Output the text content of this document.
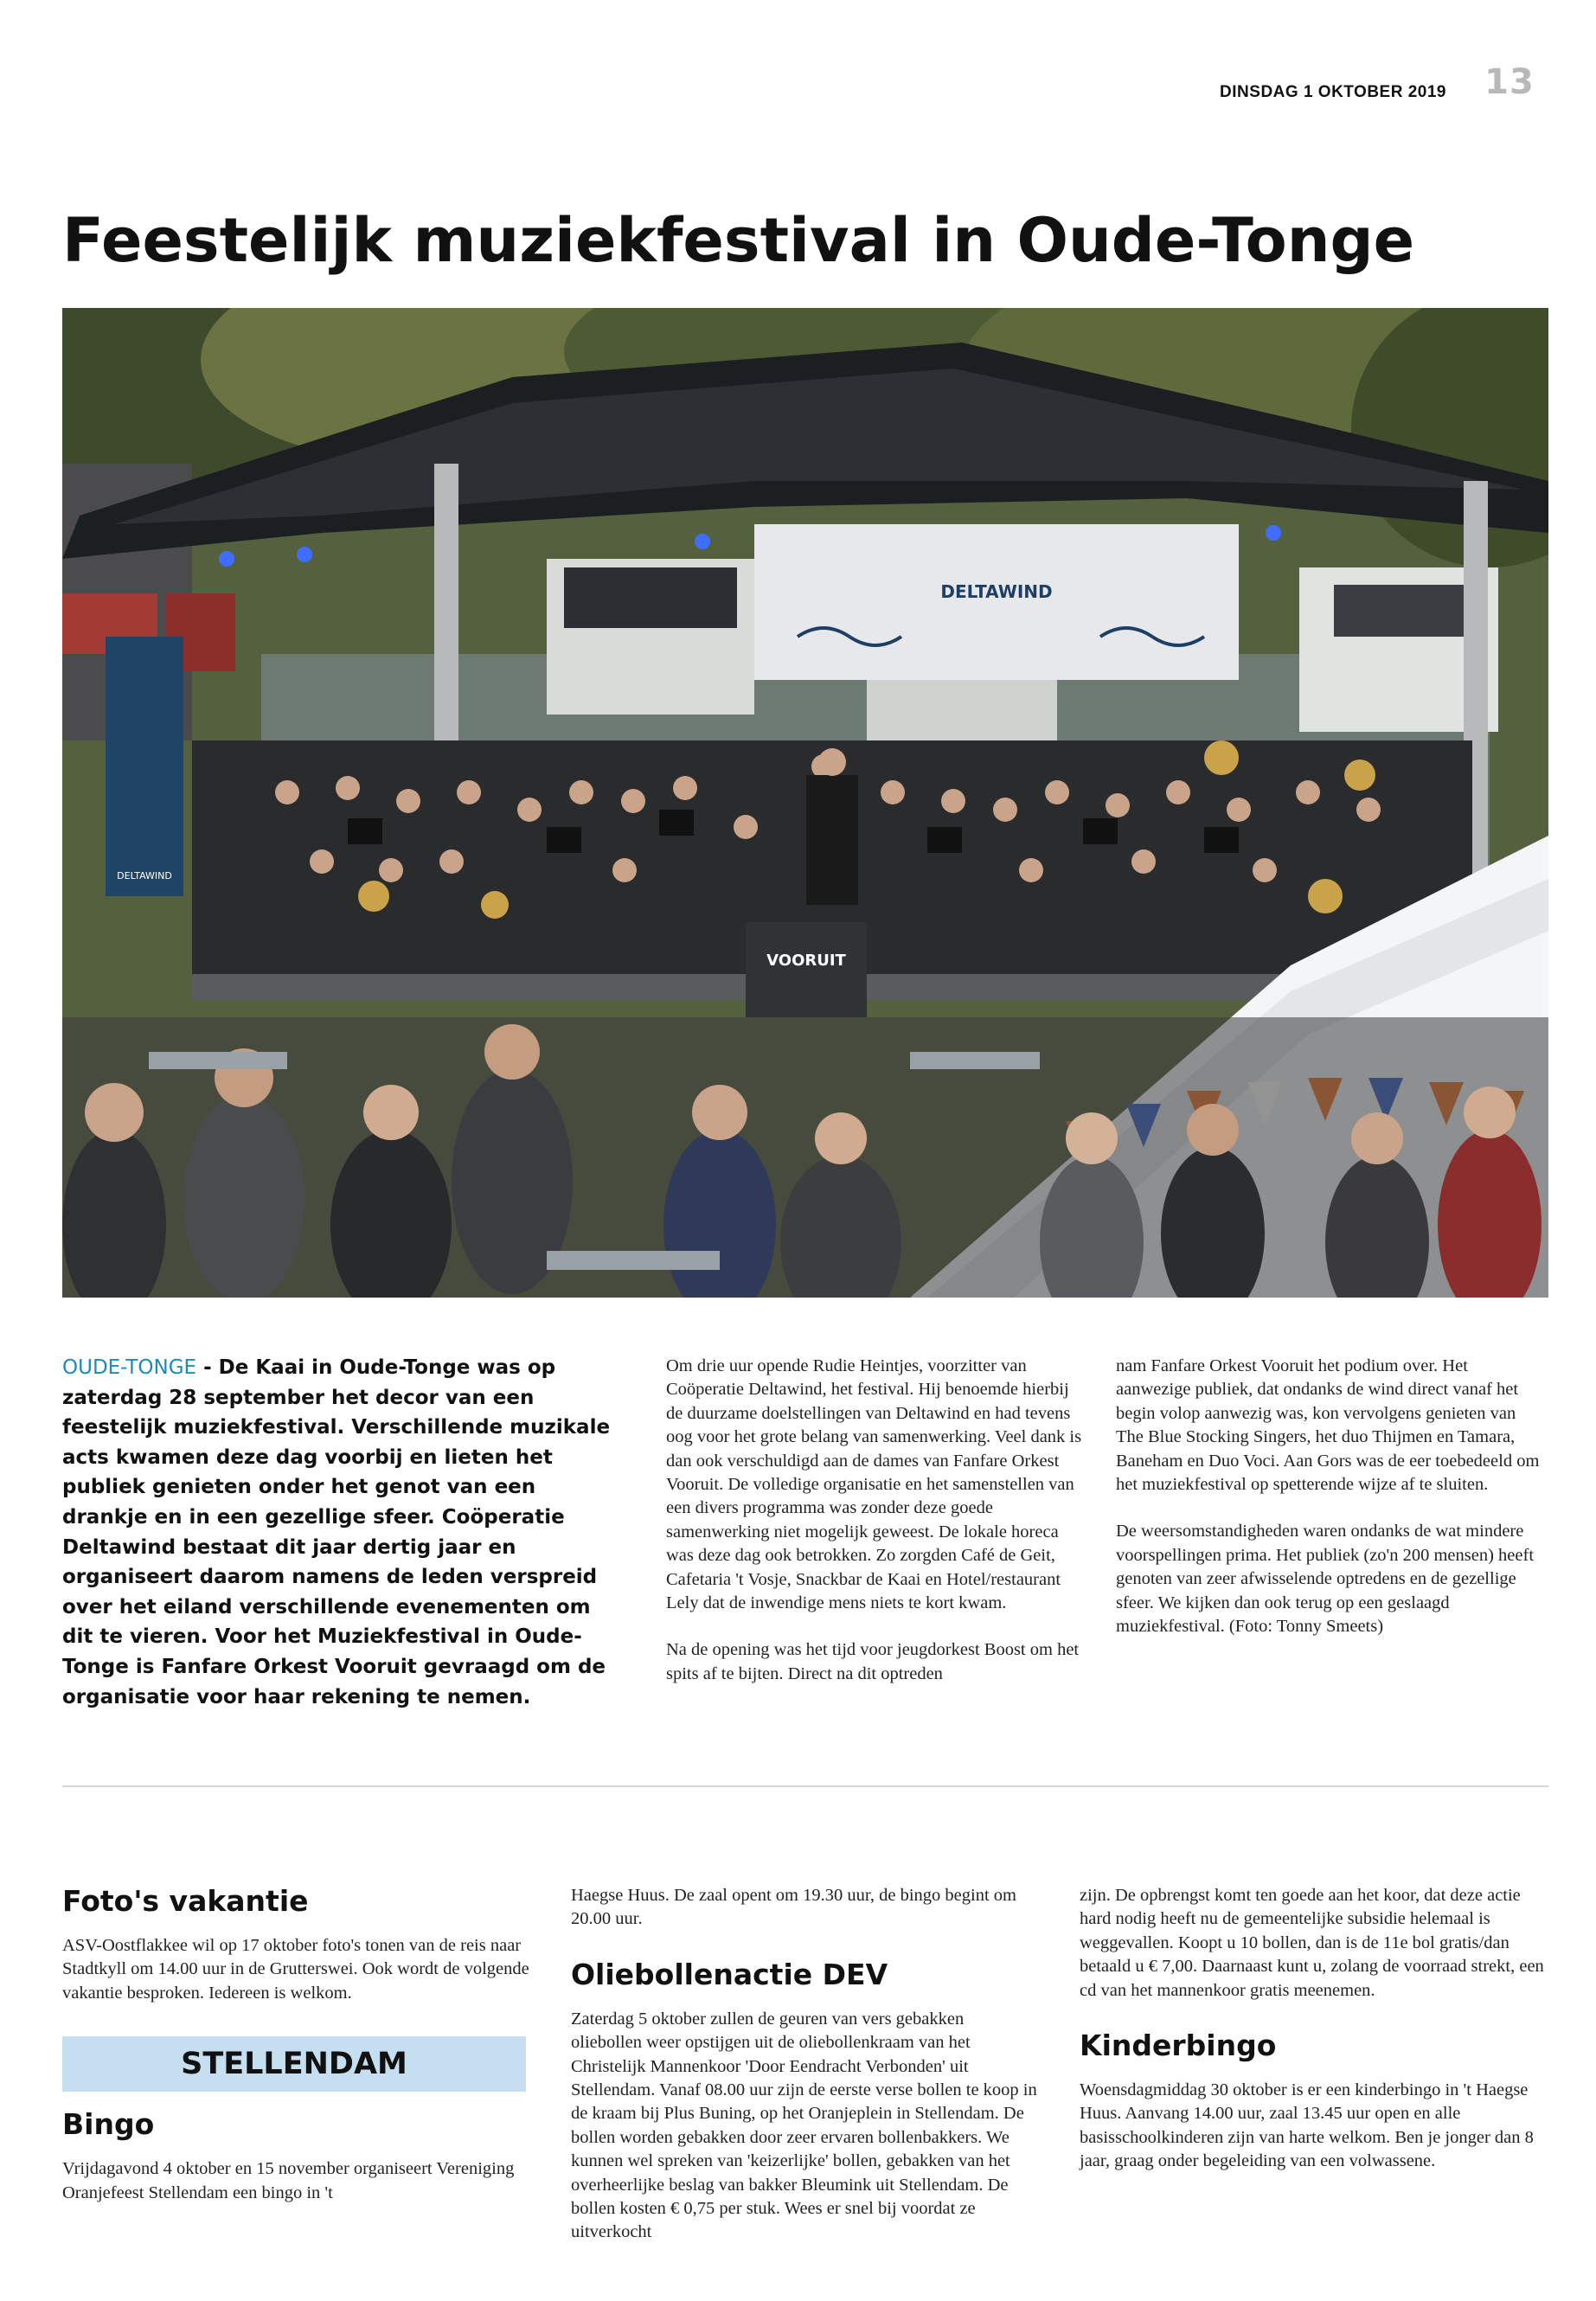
DINSDAG 1 OKTOBER 2019	13
Feestelijk muziekfestival in Oude-Tonge
DELTAWIND
DELTAWIND
VOORUIT
OUDE-TONGE - De Kaai in Oude-Tonge was op zaterdag 28 september het decor van een feestelijk muziekfestival. Verschillende muzikale acts kwamen deze dag voorbij en lieten het publiek genieten onder het genot van een drankje en in een gezellige sfeer. Coöperatie Deltawind bestaat dit jaar dertig jaar en organiseert daarom namens de leden verspreid over het eiland verschillende evenementen om dit te vieren. Voor het Muziekfestival in Oude-Tonge is Fanfare Orkest Vooruit gevraagd om de organisatie voor haar rekening te nemen.

Om drie uur opende Rudie Heintjes, voorzitter van Coöperatie Deltawind, het festival. Hij benoemde hierbij de duurzame doelstellingen van Deltawind en had tevens oog voor het grote belang van samenwerking. Veel dank is dan ook verschuldigd aan de dames van Fanfare Orkest Vooruit. De volledige organisatie en het samenstellen van een divers programma was zonder deze goede samenwerking niet mogelijk geweest. De lokale horeca was deze dag ook betrokken. Zo zorgden Café de Geit, Cafetaria 't Vosje, Snackbar de Kaai en Hotel/restaurant Lely dat de inwendige mens niets te kort kwam.

Na de opening was het tijd voor jeugdorkest Boost om het spits af te bijten. Direct na dit optreden

nam Fanfare Orkest Vooruit het podium over. Het aanwezige publiek, dat ondanks de wind direct vanaf het begin volop aanwezig was, kon vervolgens genieten van The Blue Stocking Singers, het duo Thijmen en Tamara, Baneham en Duo Voci. Aan Gors was de eer toebedeeld om het muziekfestival op spetterende wijze af te sluiten.

De weersomstandigheden waren ondanks de wat mindere voorspellingen prima. Het publiek (zo'n 200 mensen) heeft genoten van zeer afwisselende optredens en de gezellige sfeer. We kijken dan ook terug op een geslaagd muziekfestival. (Foto: Tonny Smeets)

Foto's vakantie

ASV-Oostflakkee wil op 17 oktober foto's tonen van de reis naar Stadtkyll om 14.00 uur in de Grutterswei. Ook wordt de volgende vakantie besproken. Iedereen is welkom.

STELLENDAM
Bingo

Vrijdagavond 4 oktober en 15 november organiseert Vereniging Oranjefeest Stellendam een bingo in 't

Haegse Huus. De zaal opent om 19.30 uur, de bingo begint om 20.00 uur.

Oliebollenactie DEV

Zaterdag 5 oktober zullen de geuren van vers gebakken oliebollen weer opstijgen uit de oliebollenkraam van het Christelijk Mannenkoor 'Door Eendracht Verbonden' uit Stellendam. Vanaf 08.00 uur zijn de eerste verse bollen te koop in de kraam bij Plus Buning, op het Oranjeplein in Stellendam. De bollen worden gebakken door zeer ervaren bollenbakkers. We kunnen wel spreken van 'keizerlijke' bollen, gebakken van het overheerlijke beslag van bakker Bleumink uit Stellendam. De bollen kosten € 0,75 per stuk. Wees er snel bij voordat ze uitverkocht

zijn. De opbrengst komt ten goede aan het koor, dat deze actie hard nodig heeft nu de gemeentelijke subsidie helemaal is weggevallen. Koopt u 10 bollen, dan is de 11e bol gratis/dan betaald u € 7,00. Daarnaast kunt u, zolang de voorraad strekt, een cd van het mannenkoor gratis meenemen.

Kinderbingo

Woensdagmiddag 30 oktober is er een kinderbingo in 't Haegse Huus. Aanvang 14.00 uur, zaal 13.45 uur open en alle basisschoolkinderen zijn van harte welkom. Ben je jonger dan 8 jaar, graag onder begeleiding van een volwassene.
